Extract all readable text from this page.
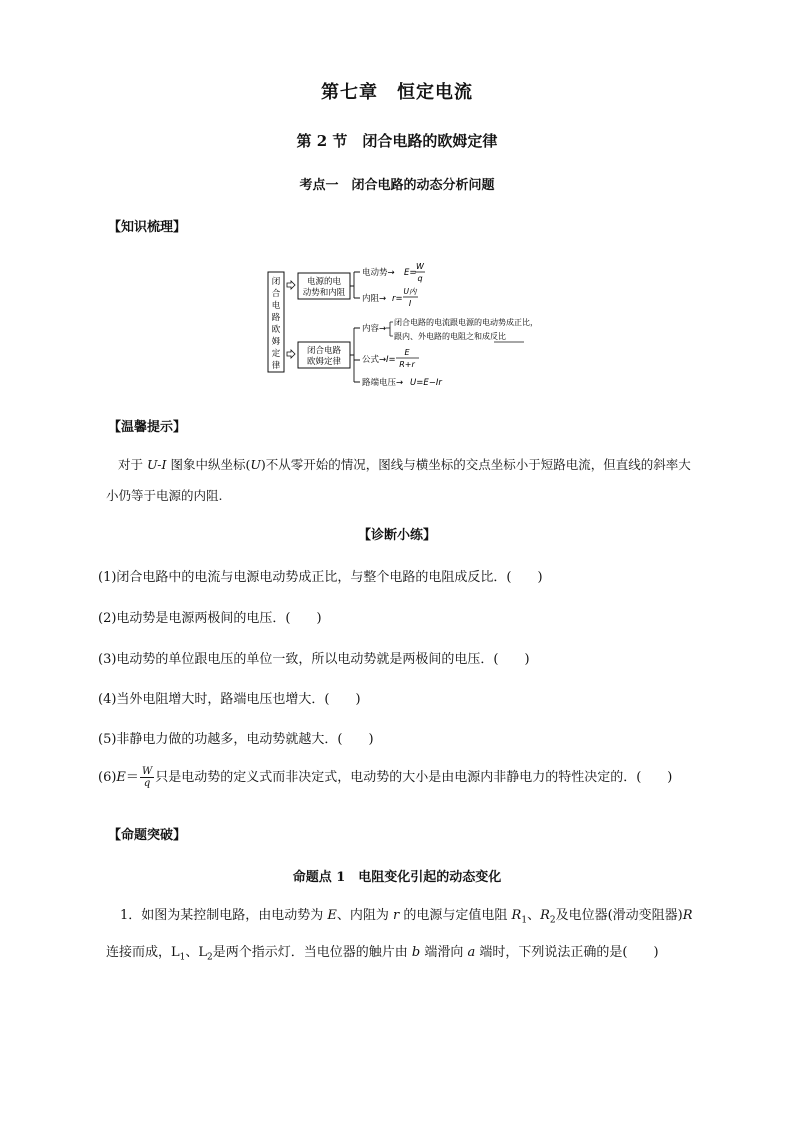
第七章　恒定电流
第 2 节　闭合电路的欧姆定律
考点一　闭合电路的动态分析问题
【知识梳理】
闭
合
电
路
欧
姆
定
律
电源的电
动势和内阻
闭合电路
欧姆定律
电动势→ E=
W
q
内阻→ r=
U内
I
内容→
闭合电路的电流跟电源的电动势成正比，
跟内、外电路的电阻之和成反比
公式→ I=
E
R+r
路端电压→ U=E−Ir
【温馨提示】
对于 U-I 图象中纵坐标(U)不从零开始的情况，图线与横坐标的交点坐标小于短路电流，但直线的斜率大小仍等于电源的内阻.
【诊断小练】
(1)闭合电路中的电流与电源电动势成正比，与整个电路的电阻成反比．(　　)
(2)电动势是电源两极间的电压．(　　)
(3)电动势的单位跟电压的单位一致，所以电动势就是两极间的电压．(　　)
(4)当外电阻增大时，路端电压也增大．(　　)
(5)非静电力做的功越多，电动势就越大．(　　)
$(6)E= \frac{W}{q}$ 只是电动势的定义式而非决定式，电动势的大小是由电源内非静电力的特性决定的．(　　)
【命题突破】
命题点 1　电阻变化引起的动态变化
1．如图为某控制电路，由电动势为 E、内阻为 r 的电源与定值电阻 $R_1$、$R_2$及电位器(滑动变阻器)R连接而成，$L_1$、$L_2$是两个指示灯．当电位器的触片由 b 端滑向 a 端时，下列说法正确的是(　　)
